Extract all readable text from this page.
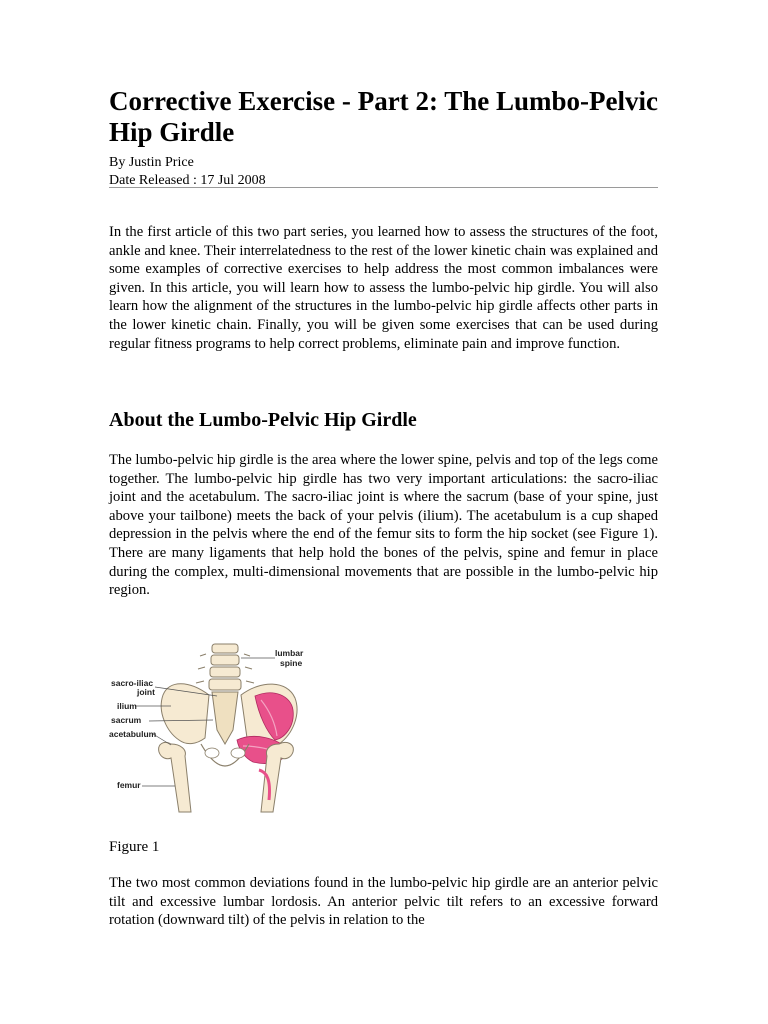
Corrective Exercise - Part 2: The Lumbo-Pelvic Hip Girdle
By Justin Price
Date Released : 17 Jul 2008

In the first article of this two part series, you learned how to assess the structures of the foot, ankle and knee. Their interrelatedness to the rest of the lower kinetic chain was explained and some examples of corrective exercises to help address the most common imbalances were given. In this article, you will learn how to assess the lumbo-pelvic hip girdle. You will also learn how the alignment of the structures in the lumbo-pelvic hip girdle affects other parts in the lower kinetic chain. Finally, you will be given some exercises that can be used during regular fitness programs to help correct problems, eliminate pain and improve function.

About the Lumbo-Pelvic Hip Girdle

The lumbo-pelvic hip girdle is the area where the lower spine, pelvis and top of the legs come together. The lumbo-pelvic hip girdle has two very important articulations: the sacro-iliac joint and the acetabulum. The sacro-iliac joint is where the sacrum (base of your spine, just above your tailbone) meets the back of your pelvis (ilium). The acetabulum is a cup shaped depression in the pelvis where the end of the femur sits to form the hip socket (see Figure 1). There are many ligaments that help hold the bones of the pelvis, spine and femur in place during the complex, multi-dimensional movements that are possible in the lumbo-pelvic hip region.

lumbar
spine
sacro-iliac
joint
ilium
sacrum
acetabulum
femur
Figure 1

The two most common deviations found in the lumbo-pelvic hip girdle are an anterior pelvic tilt and excessive lumbar lordosis. An anterior pelvic tilt refers to an excessive forward rotation (downward tilt) of the pelvis in relation to the
